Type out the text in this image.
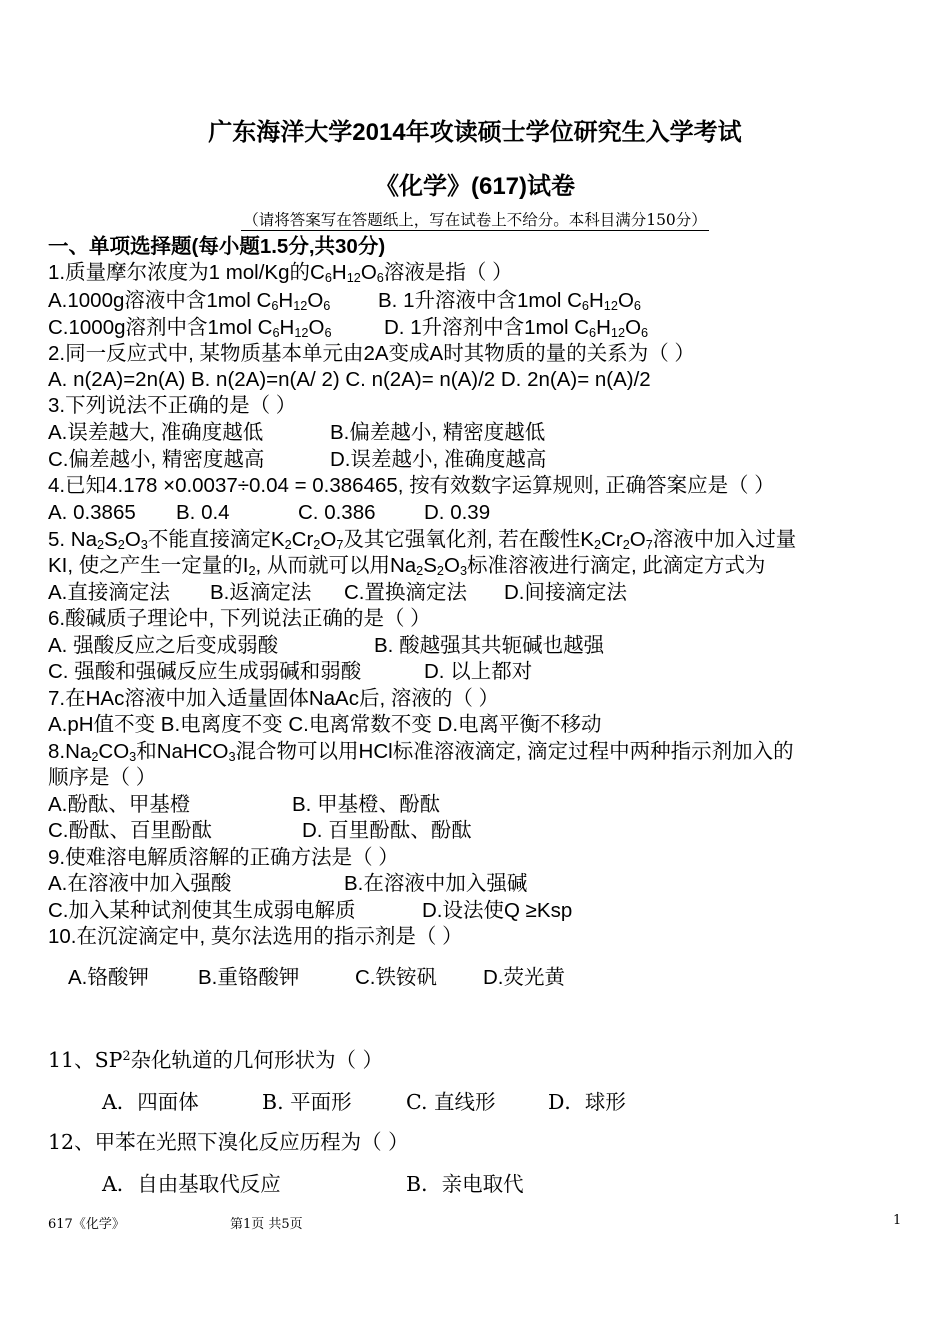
广东海洋大学2014年攻读硕士学位研究生入学考试
《化学》(617)试卷
（请将答案写在答题纸上，写在试卷上不给分。本科目满分150分）
一、单项选择题(每小题1.5分,共30分)
1.质量摩尔浓度为1 mol/Kg的$C_6H_{12}O_6$溶液是指（ ）
A.1000g溶液中含1mol $C_6H_{12}O_6$ B. 1升溶液中含1mol $C_6H_{12}O_6$
C.1000g溶剂中含1mol $C_6H_{12}O_6$	D. 1升溶剂中含1mol $C_6H_{12}O_6$
2.同一反应式中, 某物质基本单元由2A变成A时其物质的量的关系为（ ）
A. n(2A)=2n(A) B. n(2A)=n(A/ 2) C. n(2A)= n(A)/2 D. 2n(A)= n(A)/2
3.下列说法不正确的是（ ）
A.误差越大, 准确度越低	B.偏差越小, 精密度越低
C.偏差越小, 精密度越高	D.误差越小, 准确度越高
4.已知4.178 ×0.0037÷0.04 = 0.386465, 按有效数字运算规则, 正确答案应是（ ）
A. 0.3865 B. 0.4	C. 0.386 D. 0.39
5. $Na_2S_2O_3$不能直接滴定$K_2Cr_2O_7$及其它强氧化剂, 若在酸性$K_2Cr_2O_7$溶液中加入过量
KI, 使之产生一定量的$I_2$, 从而就可以用$Na_2S_2O_3$标准溶液进行滴定, 此滴定方式为
A.直接滴定法 B.返滴定法 C.置换滴定法 D.间接滴定法
6.酸碱质子理论中, 下列说法正确的是（ ）
A. 强酸反应之后变成弱酸	B. 酸越强其共轭碱也越强
C. 强酸和强碱反应生成弱碱和弱酸	D. 以上都对
7.在HAc溶液中加入适量固体NaAc后, 溶液的（ ）
A.pH值不变 B.电离度不变 C.电离常数不变 D.电离平衡不移动
$8.Na_2CO_3$和NaHCO$_3$混合物可以用HCl标准溶液滴定, 滴定过程中两种指示剂加入的
顺序是（ ）
A.酚酞、甲基橙	B. 甲基橙、酚酞
C.酚酞、百里酚酞	D. 百里酚酞、酚酞
9.使难溶电解质溶解的正确方法是（ ）
A.在溶液中加入强酸	B.在溶液中加入强碱
C.加入某种试剂使其生成弱电解质	D.设法使Q ≥Ksp
10.在沉淀滴定中, 莫尔法选用的指示剂是（ ）
A.铬酸钾 B.重铬酸钾	C.铁铵矾 D.荧光黄
11、$SP^2$杂化轨道的几何形状为（ ）
A．四面体	B. 平面形	C. 直线形	D．球形
12、甲苯在光照下溴化反应历程为（ ）
A．自由基取代反应	B．亲电取代
617《化学》	第1页 共5页	1
